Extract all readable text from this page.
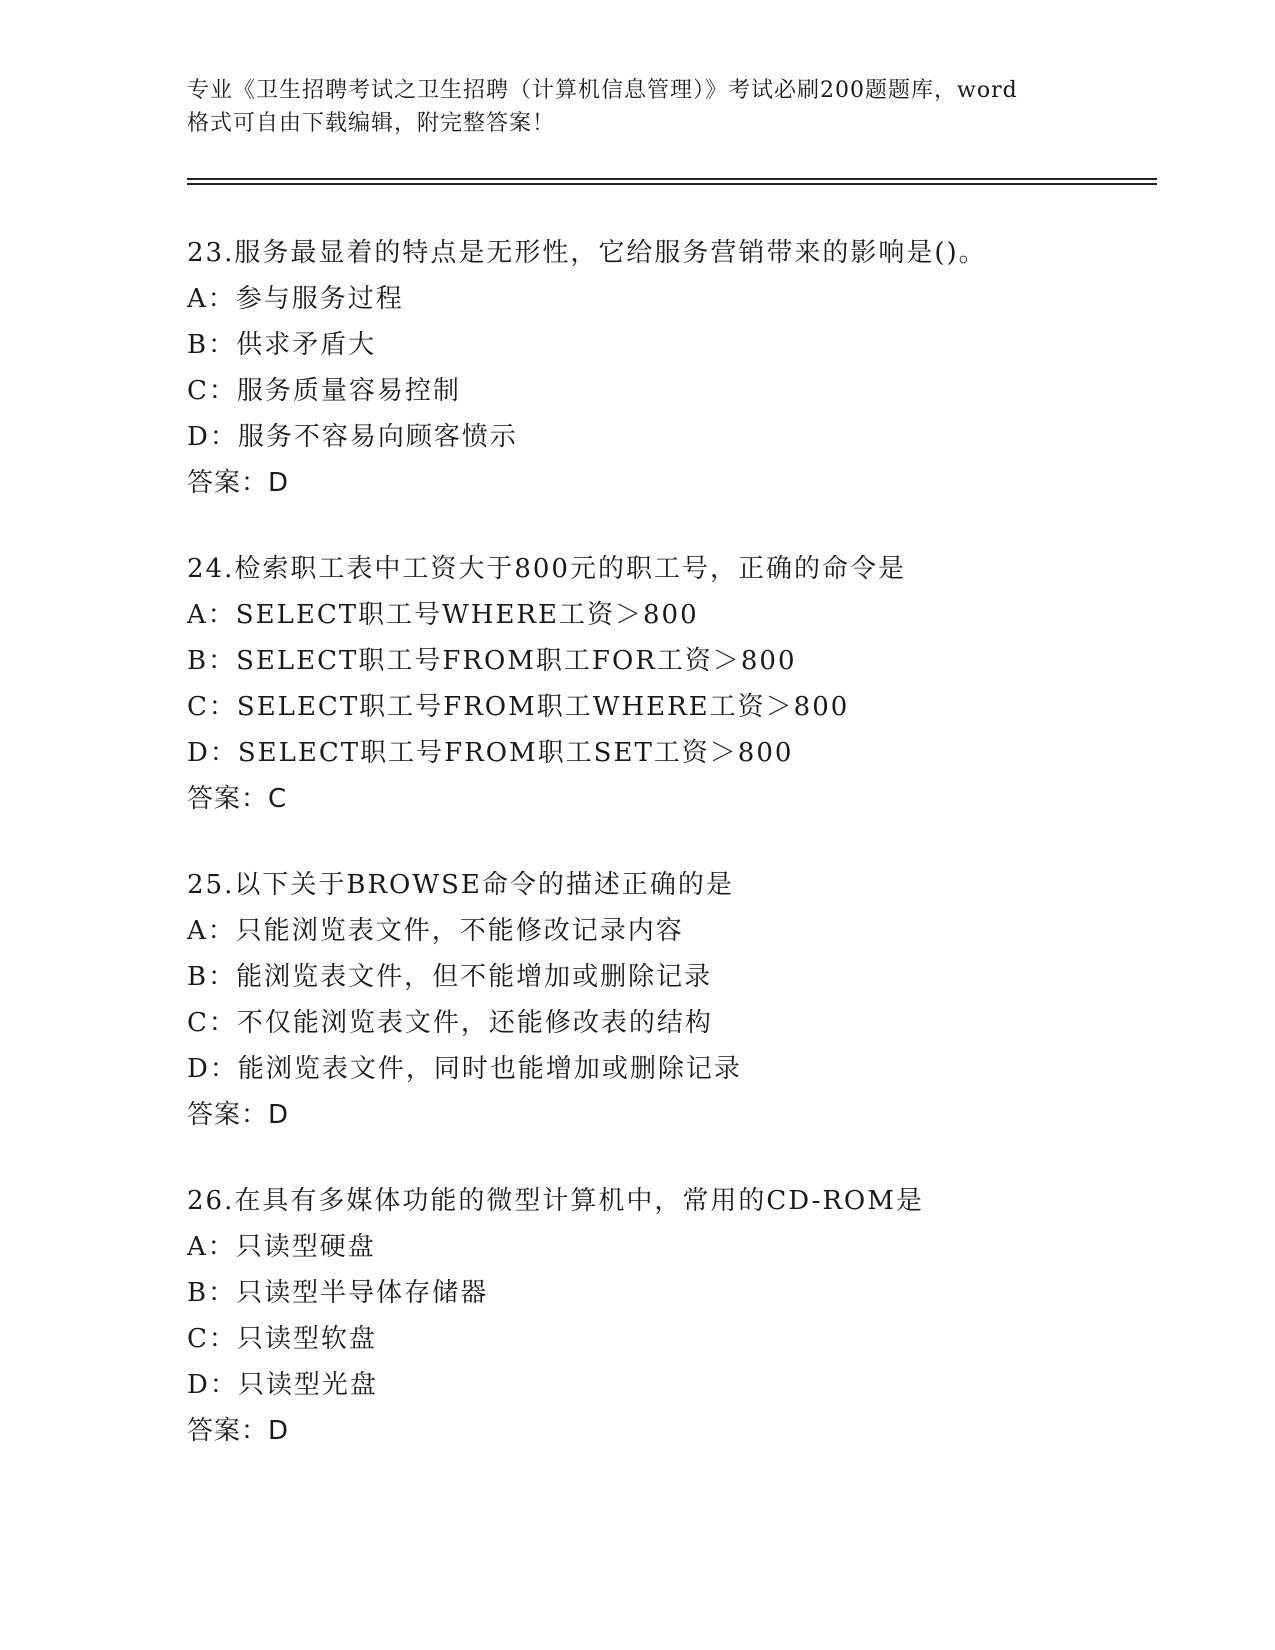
专业《卫生招聘考试之卫生招聘（计算机信息管理）》考试必刷200题题库，word
格式可自由下载编辑，附完整答案！
23.服务最显着的特点是无形性，它给服务营销带来的影响是()。
A：参与服务过程
B：供求矛盾大
C：服务质量容易控制
D：服务不容易向顾客愤示
答案：D
24.检索职工表中工资大于800元的职工号，正确的命令是
A：SELECT职工号WHERE工资＞800
B：SELECT职工号FROM职工FOR工资＞800
C：SELECT职工号FROM职工WHERE工资＞800
D：SELECT职工号FROM职工SET工资＞800
答案：C
25.以下关于BROWSE命令的描述正确的是
A：只能浏览表文件，不能修改记录内容
B：能浏览表文件，但不能增加或删除记录
C：不仅能浏览表文件，还能修改表的结构
D：能浏览表文件，同时也能增加或删除记录
答案：D
26.在具有多媒体功能的微型计算机中，常用的CD-ROM是
A：只读型硬盘
B：只读型半导体存储器
C：只读型软盘
D：只读型光盘
答案：D
